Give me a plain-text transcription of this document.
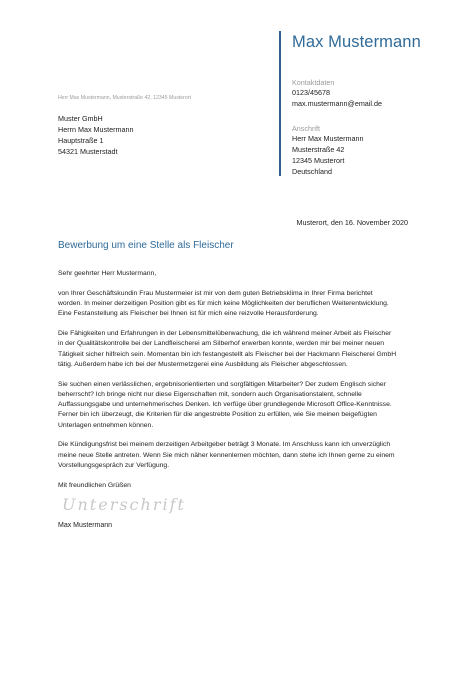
Max Mustermann
Kontaktdaten
0123/45678
max.mustermann@email.de
Anschrift
Herr Max Mustermann
Musterstraße 42
12345 Musterort
Deutschland
Herr Max Mustermann, Musterstraße 42, 12345 Musterort
Muster GmbH
Herrn Max Mustermann
Hauptstraße 1
54321 Musterstadt
Musterort, den 16. November 2020
Bewerbung um eine Stelle als Fleischer

Sehr geehrter Herr Mustermann,

von Ihrer Geschäftskundin Frau Mustermeier ist mir von dem guten Betriebsklima in Ihrer Firma berichtet
worden. In meiner derzeitigen Position gibt es für mich keine Möglichkeiten der beruflichen Weiterentwicklung.
Eine Festanstellung als Fleischer bei Ihnen ist für mich eine reizvolle Herausforderung.

Die Fähigkeiten und Erfahrungen in der Lebensmittelüberwachung, die ich während meiner Arbeit als Fleischer
in der Qualitätskontrolle bei der Landfleischerei am Silberhof erwerben konnte, werden mir bei meiner neuen
Tätigkeit sicher hilfreich sein. Momentan bin ich festangestellt als Fleischer bei der Hackmann Fleischerei GmbH
tätig. Außerdem habe ich bei der Mustermetzgerei eine Ausbildung als Fleischer abgeschlossen.

Sie suchen einen verlässlichen, ergebnisorientierten und sorgfältigen Mitarbeiter? Der zudem Englisch sicher
beherrscht? Ich bringe nicht nur diese Eigenschaften mit, sondern auch Organisationstalent, schnelle
Auffassungsgabe und unternehmerisches Denken. Ich verfüge über grundlegende Microsoft Office-Kenntnisse.
Ferner bin ich überzeugt, die Kriterien für die angestrebte Position zu erfüllen, wie Sie meinen beigefügten
Unterlagen entnehmen können.

Die Kündigungsfrist bei meinem derzeitigen Arbeitgeber beträgt 3 Monate. Im Anschluss kann ich unverzüglich
meine neue Stelle antreten. Wenn Sie mich näher kennenlernen möchten, dann stehe ich Ihnen gerne zu einem
Vorstellungsgespräch zur Verfügung.

Mit freundlichen Grüßen

Unterschrift
Max Mustermann
